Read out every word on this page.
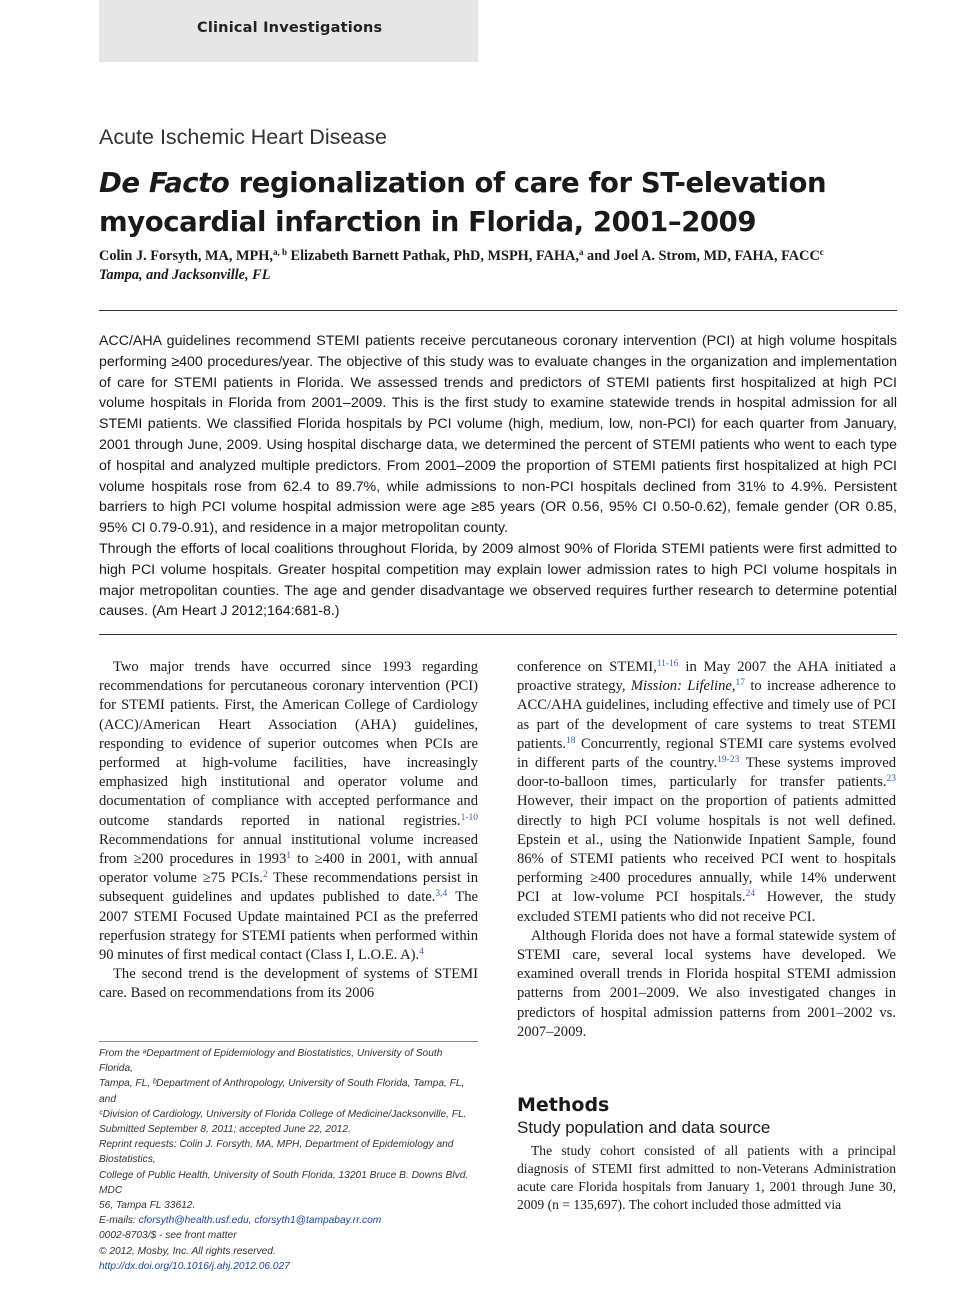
Clinical Investigations
Acute Ischemic Heart Disease
De Facto regionalization of care for ST-elevation myocardial infarction in Florida, 2001–2009
Colin J. Forsyth, MA, MPH,$^{a, b}$ Elizabeth Barnett Pathak, PhD, MSPH, FAHA,$^a$ and Joel A. Strom, MD, FAHA, FACC$^c$
Tampa, and Jacksonville, FL

ACC/AHA guidelines recommend STEMI patients receive percutaneous coronary intervention (PCI) at high volume hospitals performing ≥400 procedures/year. The objective of this study was to evaluate changes in the organization and implementation of care for STEMI patients in Florida. We assessed trends and predictors of STEMI patients first hospitalized at high PCI volume hospitals in Florida from 2001–2009. This is the first study to examine statewide trends in hospital admission for all STEMI patients. We classified Florida hospitals by PCI volume (high, medium, low, non-PCI) for each quarter from January, 2001 through June, 2009. Using hospital discharge data, we determined the percent of STEMI patients who went to each type of hospital and analyzed multiple predictors. From 2001–2009 the proportion of STEMI patients first hospitalized at high PCI volume hospitals rose from 62.4 to 89.7%, while admissions to non-PCI hospitals declined from 31% to 4.9%. Persistent barriers to high PCI volume hospital admission were age ≥85 years (OR 0.56, 95% CI 0.50-0.62), female gender (OR 0.85, 95% CI 0.79-0.91), and residence in a major metropolitan county.

Through the efforts of local coalitions throughout Florida, by 2009 almost 90% of Florida STEMI patients were first admitted to high PCI volume hospitals. Greater hospital competition may explain lower admission rates to high PCI volume hospitals in major metropolitan counties. The age and gender disadvantage we observed requires further research to determine potential causes. (Am Heart J 2012;164:681-8.)

Two major trends have occurred since 1993 regarding recommendations for percutaneous coronary intervention (PCI) for STEMI patients. First, the American College of Cardiology (ACC)/American Heart Association (AHA) guidelines, responding to evidence of superior outcomes when PCIs are performed at high-volume facilities, have increasingly emphasized high institutional and operator volume and documentation of compliance with accepted performance and outcome standards reported in national registries.$^{1-10}$ Recommendations for annual institutional volume increased from ≥200 procedures in 1993$^1$ to ≥400 in 2001, with annual operator volume ≥75 PCIs.$^2$ These recommendations persist in subsequent guidelines and updates published to date.$^{3,4}$ The 2007 STEMI Focused Update maintained PCI as the preferred reperfusion strategy for STEMI patients when performed within 90 minutes of first medical contact (Class I, L.O.E. A).$^4$

The second trend is the development of systems of STEMI care. Based on recommendations from its 2006

From the ᵃDepartment of Epidemiology and Biostatistics, University of South Florida,
Tampa, FL, ᵇDepartment of Anthropology, University of South Florida, Tampa, FL, and
ᶜDivision of Cardiology, University of Florida College of Medicine/Jacksonville, FL.
Submitted September 8, 2011; accepted June 22, 2012.
Reprint requests: Colin J. Forsyth, MA, MPH, Department of Epidemiology and Biostatistics,
College of Public Health, University of South Florida, 13201 Bruce B. Downs Blvd. MDC
56, Tampa FL 33612.
E-mails: cforsyth@health.usf.edu, cforsyth1@tampabay.rr.com
0002-8703/$ - see front matter
© 2012, Mosby, Inc. All rights reserved.
http://dx.doi.org/10.1016/j.ahj.2012.06.027

conference on STEMI,$^{11-16}$ in May 2007 the AHA initiated a proactive strategy, Mission: Lifeline,$^{17}$ to increase adherence to ACC/AHA guidelines, including effective and timely use of PCI as part of the development of care systems to treat STEMI patients.$^{18}$ Concurrently, regional STEMI care systems evolved in different parts of the country.$^{19-23}$ These systems improved door-to-balloon times, particularly for transfer patients.$^{23}$ However, their impact on the proportion of patients admitted directly to high PCI volume hospitals is not well defined. Epstein et al., using the Nationwide Inpatient Sample, found 86% of STEMI patients who received PCI went to hospitals performing ≥400 procedures annually, while 14% underwent PCI at low-volume PCI hospitals.$^{24}$ However, the study excluded STEMI patients who did not receive PCI.

Although Florida does not have a formal statewide system of STEMI care, several local systems have developed. We examined overall trends in Florida hospital STEMI admission patterns from 2001–2009. We also investigated changes in predictors of hospital admission patterns from 2001–2002 vs. 2007–2009.

Methods
Study population and data source

The study cohort consisted of all patients with a principal diagnosis of STEMI first admitted to non-Veterans Administration acute care Florida hospitals from January 1, 2001 through June 30, 2009 (n = 135,697). The cohort included those admitted via
